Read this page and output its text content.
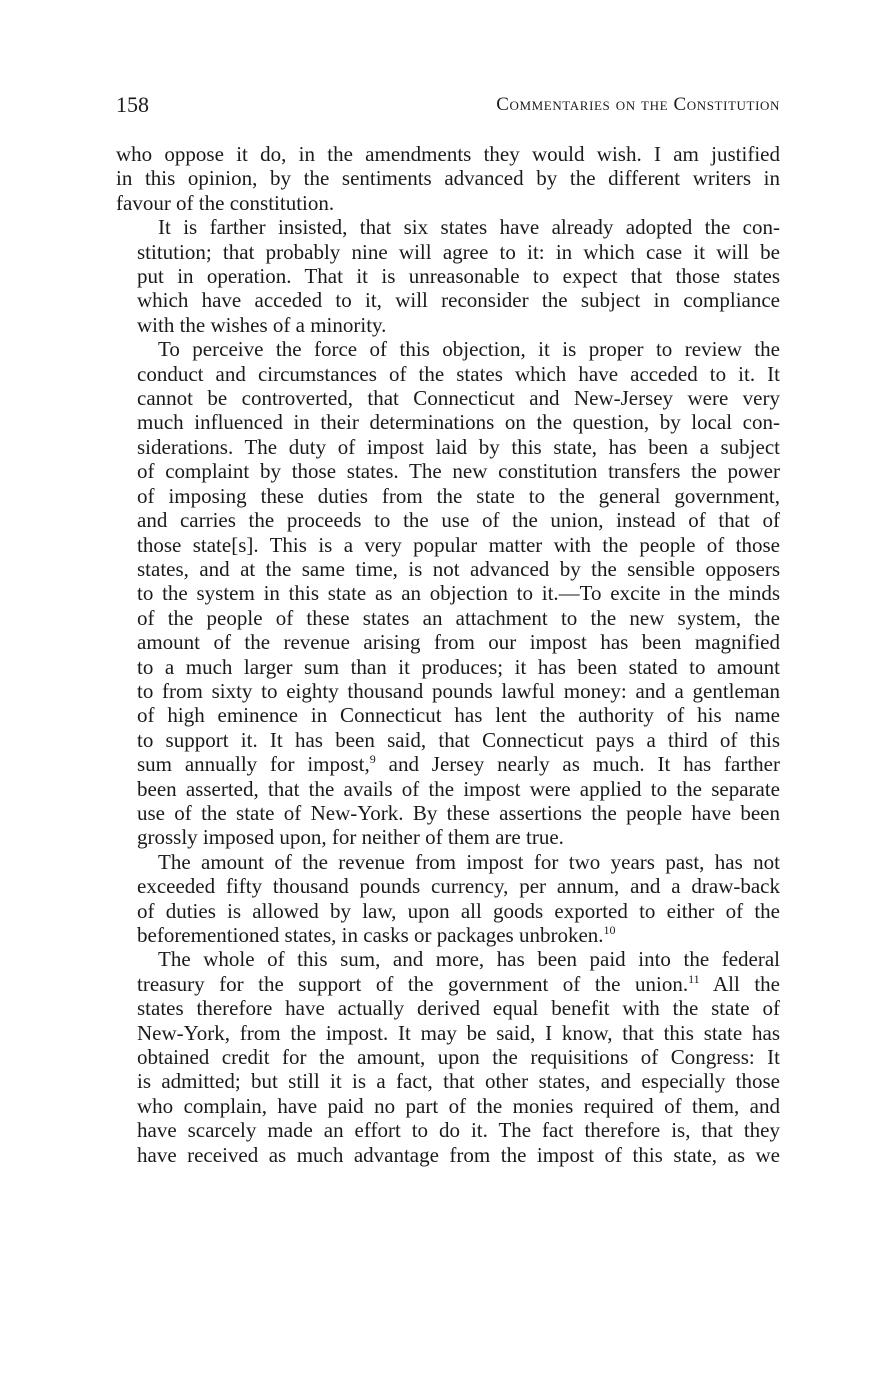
158	Commentaries on the Constitution
who oppose it do, in the amendments they would wish. I am justified
in this opinion, by the sentiments advanced by the different writers in
favour of the constitution.
It is farther insisted, that six states have already adopted the con-
stitution; that probably nine will agree to it: in which case it will be
put in operation. That it is unreasonable to expect that those states
which have acceded to it, will reconsider the subject in compliance
with the wishes of a minority.
To perceive the force of this objection, it is proper to review the
conduct and circumstances of the states which have acceded to it. It
cannot be controverted, that Connecticut and New-Jersey were very
much influenced in their determinations on the question, by local con-
siderations. The duty of impost laid by this state, has been a subject
of complaint by those states. The new constitution transfers the power
of imposing these duties from the state to the general government,
and carries the proceeds to the use of the union, instead of that of
those state[s]. This is a very popular matter with the people of those
states, and at the same time, is not advanced by the sensible opposers
to the system in this state as an objection to it.—To excite in the minds
of the people of these states an attachment to the new system, the
amount of the revenue arising from our impost has been magnified
to a much larger sum than it produces; it has been stated to amount
to from sixty to eighty thousand pounds lawful money: and a gentleman
of high eminence in Connecticut has lent the authority of his name
to support it. It has been said, that Connecticut pays a third of this
sum annually for impost,$^9$ and Jersey nearly as much. It has farther
been asserted, that the avails of the impost were applied to the separate
use of the state of New-York. By these assertions the people have been
grossly imposed upon, for neither of them are true.
The amount of the revenue from impost for two years past, has not
exceeded fifty thousand pounds currency, per annum, and a draw-back
of duties is allowed by law, upon all goods exported to either of the
beforementioned states, in casks or packages unbroken.$^{10}$
The whole of this sum, and more, has been paid into the federal
treasury for the support of the government of the union.$^{11}$ All the
states therefore have actually derived equal benefit with the state of
New-York, from the impost. It may be said, I know, that this state has
obtained credit for the amount, upon the requisitions of Congress: It
is admitted; but still it is a fact, that other states, and especially those
who complain, have paid no part of the monies required of them, and
have scarcely made an effort to do it. The fact therefore is, that they
have received as much advantage from the impost of this state, as we
